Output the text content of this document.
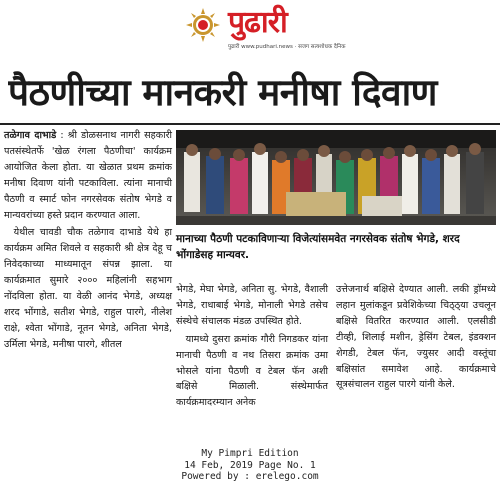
पुढारी
पुढारी www.pudhari.news · सजग सत्यशोधक दैनिक
पैठणीच्या मानकरी मनीषा दिवाण

तळेगाव दाभाडे : श्री डोळसनाथ नागरी सहकारी पतसंस्थेतर्फे 'खेळ रंगला पैठणीचा' कार्यक्रम आयोजित केला होता. या खेळात प्रथम क्रमांक मनीषा दिवाण यांनी पटकाविला. त्यांना मानाची पैठणी व स्मार्ट फोन नगरसेवक संतोष भेगडे व मान्यवरांच्या हस्ते प्रदान करण्यात आला.

 येथील चावडी चौक तळेगाव दाभाडे येथे हा कार्यक्रम अमित शिवले व सहकारी श्री क्षेत्र देहू च निवेदकाच्या माध्यमातून संपन्न झाला. या कार्यक्रमात सुमारे २००० महिलांनी सहभाग नोंदविला होता. या वेळी आनंद भेगडे, अध्यक्ष शरद भोंगाडे, सतीश भेगडे, राहुल पारगे, नीलेश राक्षे, श्वेता भोंगाडे, नूतन भेगडे, अनिता भेगडे, उर्मिला भेगडे, मनीषा पारगे, शीतल

मानाच्या पैठणी पटकाविणाऱ्या विजेत्यांसमवेत नगरसेवक संतोष भेगडे, शरद भोंगाडेसह मान्यवर.

भेगडे, मेघा भेगडे, अनिता सु. भेगडे, वैशाली भेगडे, राधाबाई भेगडे, मोनाली भेगडे तसेच संस्थेचे संचालक मंडळ उपस्थित होते.

 यामध्ये दुसरा क्रमांक गौरी निगडकर यांना मानाची पैठणी व नथ तिसरा क्रमांक उमा भोसले यांना पैठणी व टेबल फॅन अशी बक्षिसे मिळाली. संस्थेमार्फत कार्यक्रमादरम्यान अनेक

उत्तेजनार्थ बक्षिसे देण्यात आली. लकी ड्रॉमध्ये लहान मुलांकडून प्रवेशिकेच्या चिठ्ठ्या उचलून बक्षिसे वितरित करण्यात आली. एलसीडी टीव्ही, शिलाई मशीन, ड्रेसिंग टेबल, इंडक्शन शेगडी, टेबल फॅन, ज्युसर आदी वस्तूंचा बक्षिसांत समावेश आहे. कार्यक्रमाचे सूत्रसंचालन राहुल पारगे यांनी केले.

My Pimpri Edition
14 Feb, 2019 Page No. 1
Powered by : erelego.com
